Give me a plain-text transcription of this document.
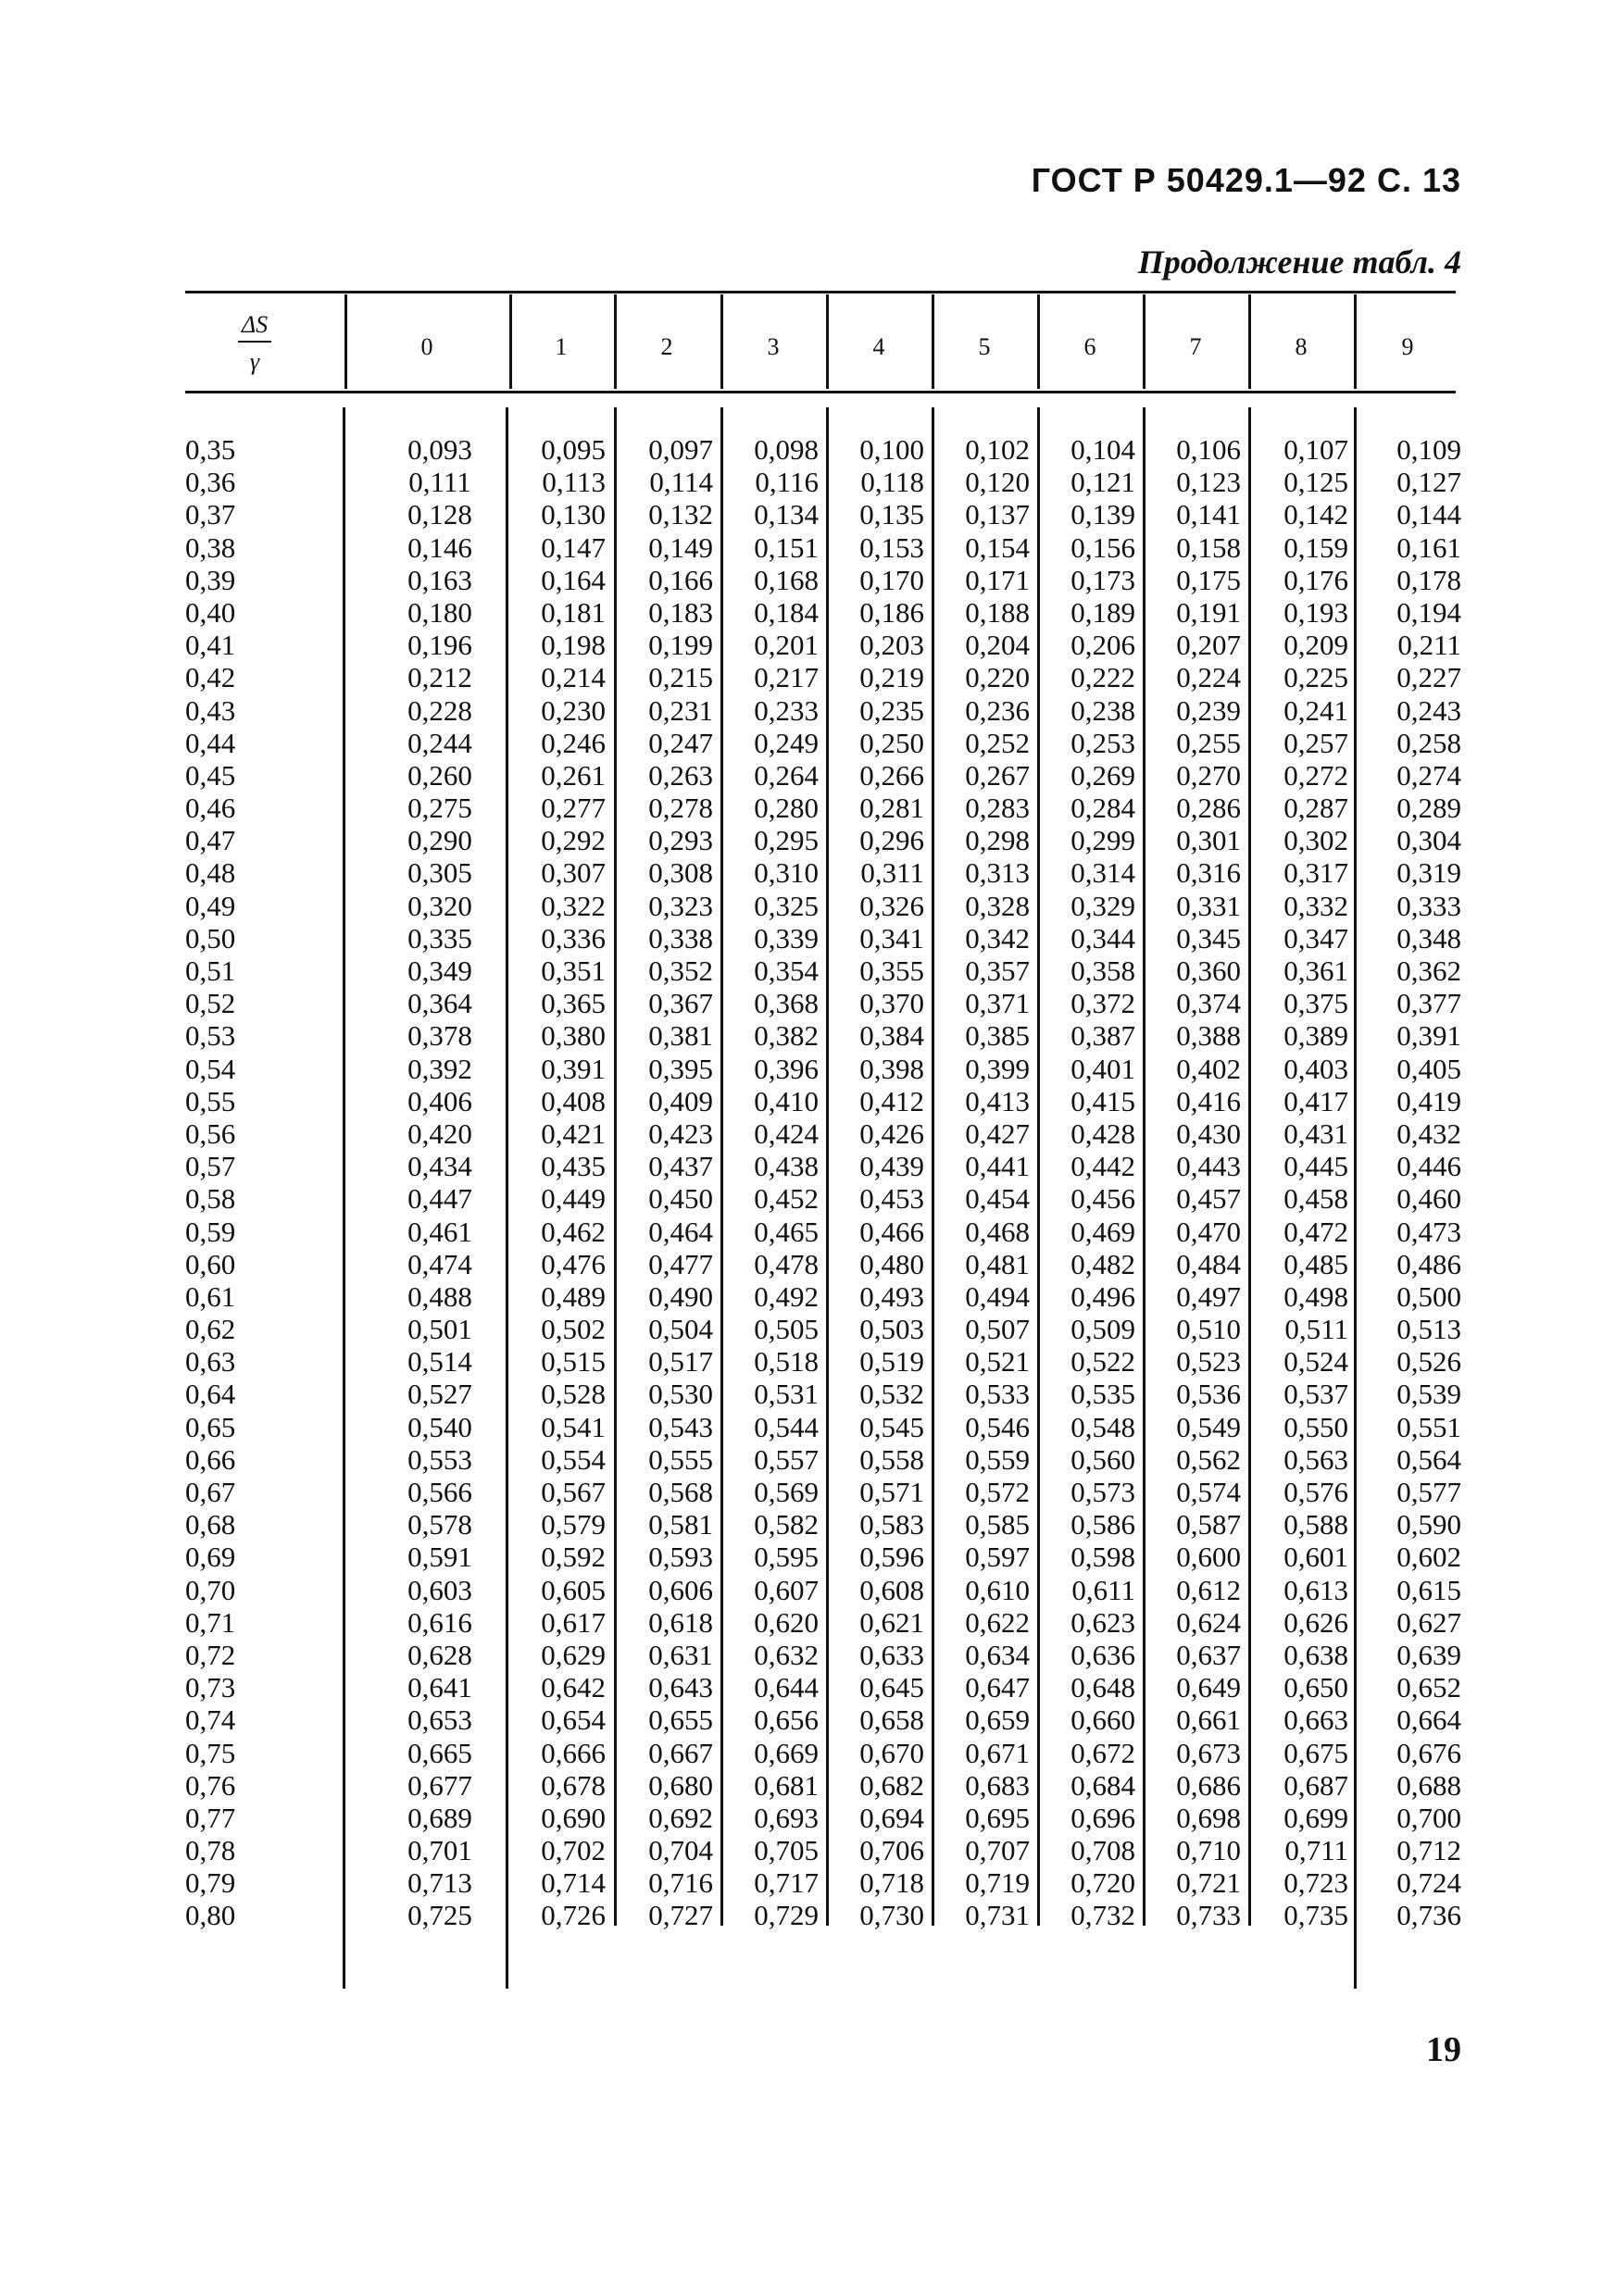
ГОСТ Р 50429.1—92 С. 13
Продолжение табл. 4
$\frac{\Delta S}{\gamma}$	0	1	2	3	4	5	6	7	8	9
0,35	0,093	0,095	0,097	0,098	0,100	0,102	0,104	0,106	0,107	0,109
0,36	0,111	0,113	0,114	0,116	0,118	0,120	0,121	0,123	0,125	0,127
0,37	0,128	0,130	0,132	0,134	0,135	0,137	0,139	0,141	0,142	0,144
0,38	0,146	0,147	0,149	0,151	0,153	0,154	0,156	0,158	0,159	0,161
0,39	0,163	0,164	0,166	0,168	0,170	0,171	0,173	0,175	0,176	0,178
0,40	0,180	0,181	0,183	0,184	0,186	0,188	0,189	0,191	0,193	0,194
0,41	0,196	0,198	0,199	0,201	0,203	0,204	0,206	0,207	0,209	0,211
0,42	0,212	0,214	0,215	0,217	0,219	0,220	0,222	0,224	0,225	0,227
0,43	0,228	0,230	0,231	0,233	0,235	0,236	0,238	0,239	0,241	0,243
0,44	0,244	0,246	0,247	0,249	0,250	0,252	0,253	0,255	0,257	0,258
0,45	0,260	0,261	0,263	0,264	0,266	0,267	0,269	0,270	0,272	0,274
0,46	0,275	0,277	0,278	0,280	0,281	0,283	0,284	0,286	0,287	0,289
0,47	0,290	0,292	0,293	0,295	0,296	0,298	0,299	0,301	0,302	0,304
0,48	0,305	0,307	0,308	0,310	0,311	0,313	0,314	0,316	0,317	0,319
0,49	0,320	0,322	0,323	0,325	0,326	0,328	0,329	0,331	0,332	0,333
0,50	0,335	0,336	0,338	0,339	0,341	0,342	0,344	0,345	0,347	0,348
0,51	0,349	0,351	0,352	0,354	0,355	0,357	0,358	0,360	0,361	0,362
0,52	0,364	0,365	0,367	0,368	0,370	0,371	0,372	0,374	0,375	0,377
0,53	0,378	0,380	0,381	0,382	0,384	0,385	0,387	0,388	0,389	0,391
0,54	0,392	0,391	0,395	0,396	0,398	0,399	0,401	0,402	0,403	0,405
0,55	0,406	0,408	0,409	0,410	0,412	0,413	0,415	0,416	0,417	0,419
0,56	0,420	0,421	0,423	0,424	0,426	0,427	0,428	0,430	0,431	0,432
0,57	0,434	0,435	0,437	0,438	0,439	0,441	0,442	0,443	0,445	0,446
0,58	0,447	0,449	0,450	0,452	0,453	0,454	0,456	0,457	0,458	0,460
0,59	0,461	0,462	0,464	0,465	0,466	0,468	0,469	0,470	0,472	0,473
0,60	0,474	0,476	0,477	0,478	0,480	0,481	0,482	0,484	0,485	0,486
0,61	0,488	0,489	0,490	0,492	0,493	0,494	0,496	0,497	0,498	0,500
0,62	0,501	0,502	0,504	0,505	0,503	0,507	0,509	0,510	0,511	0,513
0,63	0,514	0,515	0,517	0,518	0,519	0,521	0,522	0,523	0,524	0,526
0,64	0,527	0,528	0,530	0,531	0,532	0,533	0,535	0,536	0,537	0,539
0,65	0,540	0,541	0,543	0,544	0,545	0,546	0,548	0,549	0,550	0,551
0,66	0,553	0,554	0,555	0,557	0,558	0,559	0,560	0,562	0,563	0,564
0,67	0,566	0,567	0,568	0,569	0,571	0,572	0,573	0,574	0,576	0,577
0,68	0,578	0,579	0,581	0,582	0,583	0,585	0,586	0,587	0,588	0,590
0,69	0,591	0,592	0,593	0,595	0,596	0,597	0,598	0,600	0,601	0,602
0,70	0,603	0,605	0,606	0,607	0,608	0,610	0,611	0,612	0,613	0,615
0,71	0,616	0,617	0,618	0,620	0,621	0,622	0,623	0,624	0,626	0,627
0,72	0,628	0,629	0,631	0,632	0,633	0,634	0,636	0,637	0,638	0,639
0,73	0,641	0,642	0,643	0,644	0,645	0,647	0,648	0,649	0,650	0,652
0,74	0,653	0,654	0,655	0,656	0,658	0,659	0,660	0,661	0,663	0,664
0,75	0,665	0,666	0,667	0,669	0,670	0,671	0,672	0,673	0,675	0,676
0,76	0,677	0,678	0,680	0,681	0,682	0,683	0,684	0,686	0,687	0,688
0,77	0,689	0,690	0,692	0,693	0,694	0,695	0,696	0,698	0,699	0,700
0,78	0,701	0,702	0,704	0,705	0,706	0,707	0,708	0,710	0,711	0,712
0,79	0,713	0,714	0,716	0,717	0,718	0,719	0,720	0,721	0,723	0,724
0,80	0,725	0,726	0,727	0,729	0,730	0,731	0,732	0,733	0,735	0,736
19
